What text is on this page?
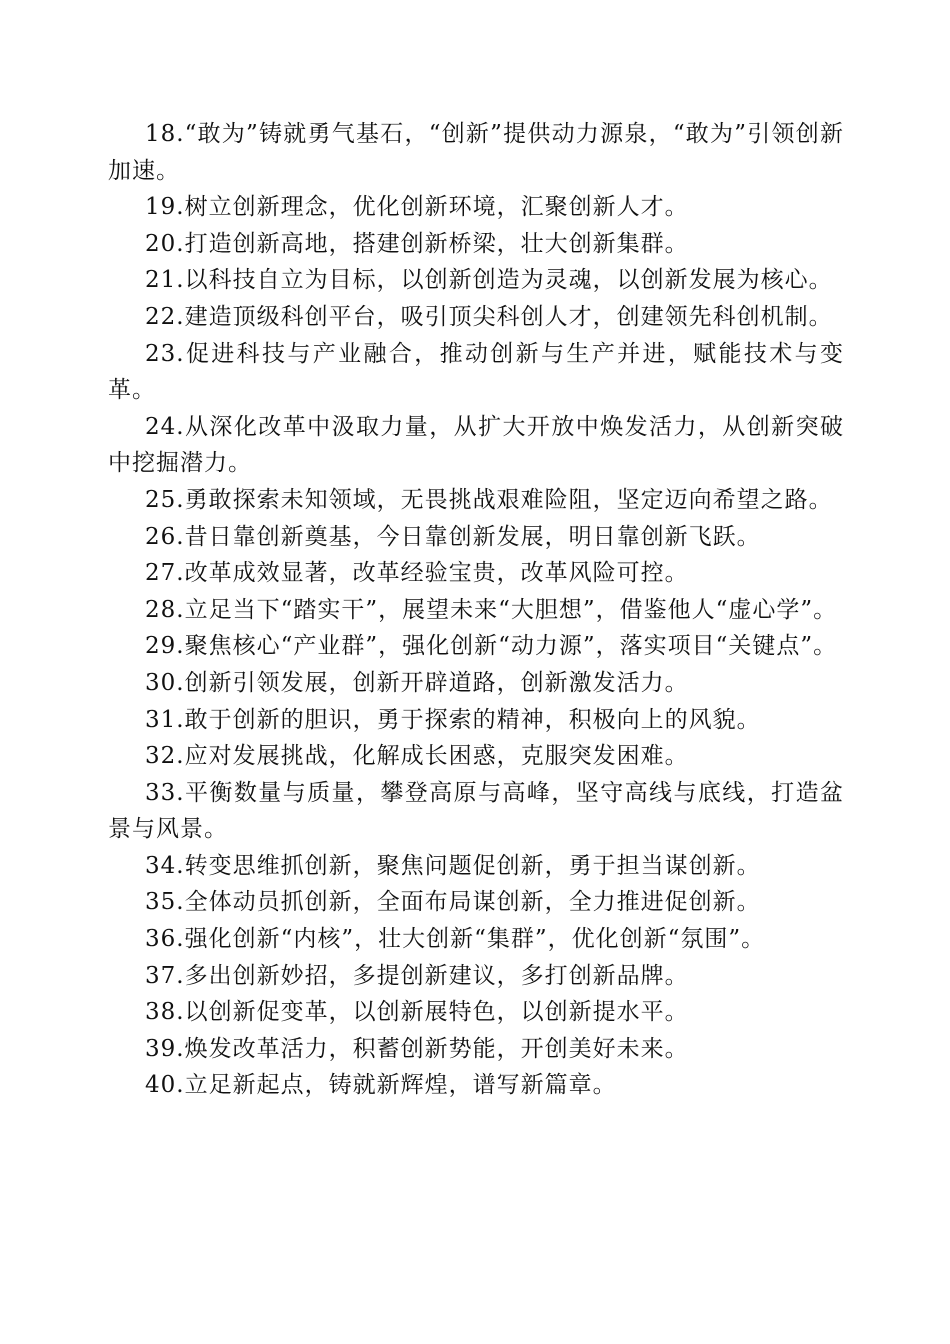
18.“敢为”铸就勇气基石，“创新”提供动力源泉，“敢为”引领创新加速。

19.树立创新理念，优化创新环境，汇聚创新人才。

20.打造创新高地，搭建创新桥梁，壮大创新集群。

21.以科技自立为目标，以创新创造为灵魂，以创新发展为核心。

22.建造顶级科创平台，吸引顶尖科创人才，创建领先科创机制。

23.促进科技与产业融合，推动创新与生产并进，赋能技术与变革。

24.从深化改革中汲取力量，从扩大开放中焕发活力，从创新突破中挖掘潜力。

25.勇敢探索未知领域，无畏挑战艰难险阻，坚定迈向希望之路。

26.昔日靠创新奠基，今日靠创新发展，明日靠创新飞跃。

27.改革成效显著，改革经验宝贵，改革风险可控。

28.立足当下“踏实干”，展望未来“大胆想”，借鉴他人“虚心学”。

29.聚焦核心“产业群”，强化创新“动力源”，落实项目“关键点”。

30.创新引领发展，创新开辟道路，创新激发活力。

31.敢于创新的胆识，勇于探索的精神，积极向上的风貌。

32.应对发展挑战，化解成长困惑，克服突发困难。

33.平衡数量与质量，攀登高原与高峰，坚守高线与底线，打造盆景与风景。

34.转变思维抓创新，聚焦问题促创新，勇于担当谋创新。

35.全体动员抓创新，全面布局谋创新，全力推进促创新。

36.强化创新“内核”，壮大创新“集群”，优化创新“氛围”。

37.多出创新妙招，多提创新建议，多打创新品牌。

38.以创新促变革，以创新展特色，以创新提水平。

39.焕发改革活力，积蓄创新势能，开创美好未来。

40.立足新起点，铸就新辉煌，谱写新篇章。
